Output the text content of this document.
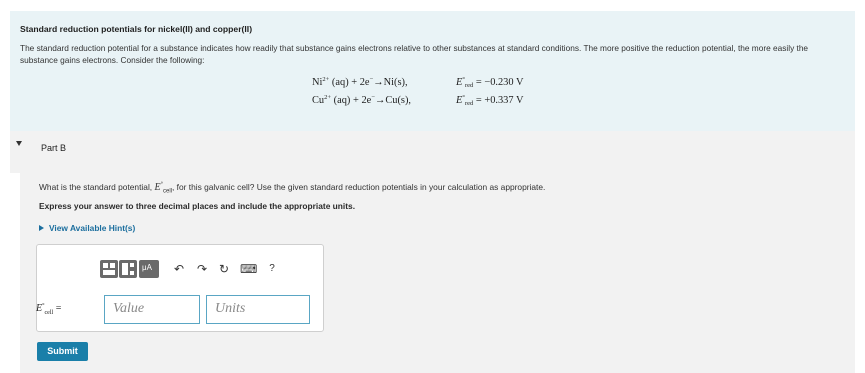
Standard reduction potentials for nickel(II) and copper(II)
The standard reduction potential for a substance indicates how readily that substance gains electrons relative to other substances at standard conditions. The more positive the reduction potential, the more easily the substance gains electrons. Consider the following:
$Ni^{2+}$ (aq) + 2e−→Ni(s),	$E^\circ_{red} = -0.230$ V
$Cu^{2+}$ (aq) + 2e−→Cu(s),	$E^\circ_{red} = +0.337$ V
Part B
What is the standard potential, $E^\circ_{cell}$, for this galvanic cell? Use the given standard reduction potentials in your calculation as appropriate.
Express your answer to three decimal places and include the appropriate units.
View Available Hint(s)
μA ↶ ↷ ↻ ⌨	?
$E^\circ_{cell}$ =	Value	Units
Submit
